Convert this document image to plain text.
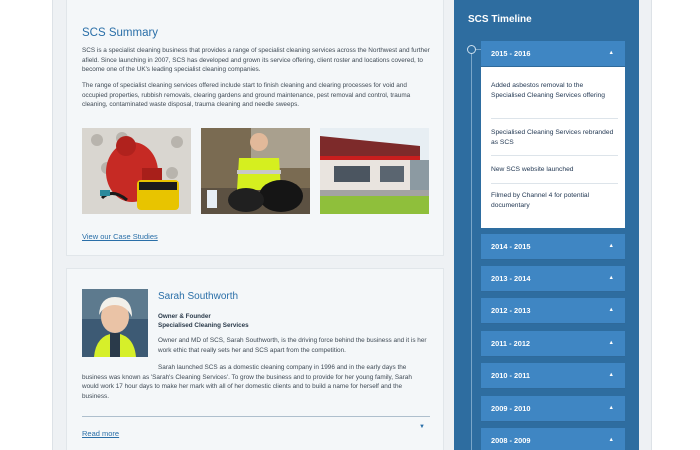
SCS Summary

SCS is a specialist cleaning business that provides a range of specialist cleaning services across the Northwest and further afield. Since launching in 2007, SCS has developed and grown its service offering, client roster and locations covered, to become one of the UK's leading specialist cleaning companies.

The range of specialist cleaning services offered include start to finish cleaning and clearing processes for void and occupied properties, rubbish removals, clearing gardens and ground maintenance, pest removal and control, trauma cleaning, contaminated waste disposal, trauma cleaning and needle sweeps.

View our Case Studies
Sarah Southworth
Owner & Founder
Specialised Cleaning Services

Owner and MD of SCS, Sarah Southworth, is the driving force behind the business and it is her work ethic that really sets her and SCS apart from the competition.

Sarah launched SCS as a domestic cleaning company in 1996 and in the early days the business was known as 'Sarah's Cleaning Services'. To grow the business and to provide for her young family, Sarah would work 17 hour days to make her mark with all of her domestic clients and to build a name for herself and the business.

Read more
▼
SCS Timeline
2015 - 2016	▲
Added asbestos removal to the Specialised Cleaning Services offering
Specialised Cleaning Services rebranded as SCS
New SCS website launched
Filmed by Channel 4 for potential documentary
2014 - 2015	▲
2013 - 2014	▲
2012 - 2013	▲
2011 - 2012	▲
2010 - 2011	▲
2009 - 2010	▲
2008 - 2009	▲
